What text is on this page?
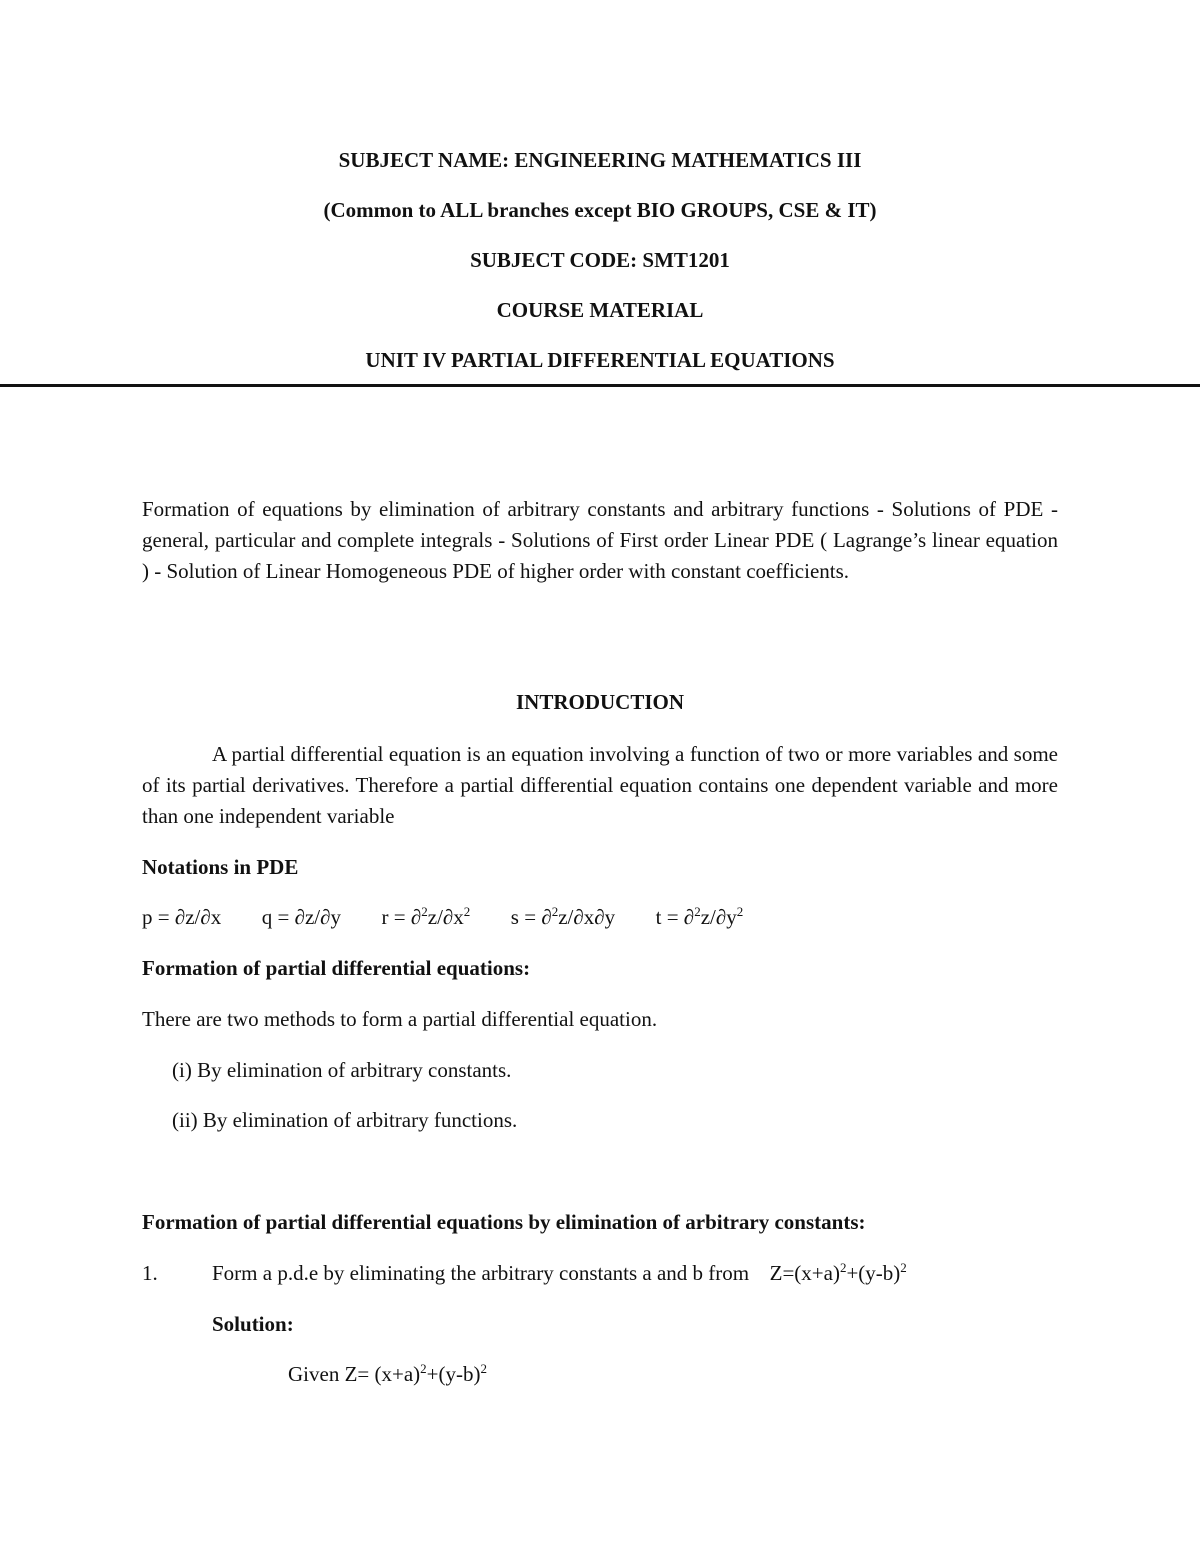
SUBJECT NAME: ENGINEERING MATHEMATICS III
(Common to ALL branches except BIO GROUPS, CSE & IT)
SUBJECT CODE: SMT1201
COURSE MATERIAL
UNIT IV PARTIAL DIFFERENTIAL EQUATIONS
Formation of equations by elimination of arbitrary constants and arbitrary functions - Solutions of PDE - general, particular and complete integrals - Solutions of First order Linear PDE ( Lagrange’s linear equation ) - Solution of Linear Homogeneous PDE of higher order with constant coefficients.
INTRODUCTION
A partial differential equation is an equation involving a function of two or more variables and some of its partial derivatives. Therefore a partial differential equation contains one dependent variable and more than one independent variable
Notations in PDE
p = ∂z/∂x q = ∂z/∂y $r = \partial^2z/\partial x^2$ s = ∂$^2$z/∂x∂y $t = \partial^2z/\partial y^2$
Formation of partial differential equations:
There are two methods to form a partial differential equation.
(i) By elimination of arbitrary constants.
(ii) By elimination of arbitrary functions.
Formation of partial differential equations by elimination of arbitrary constants:
1.	Form a p.d.e by eliminating the arbitrary constants a and b from $Z=(x+a)^2+(y-b)^2$
Solution:
Given $Z= (x+a)^2+(y-b)^2$
